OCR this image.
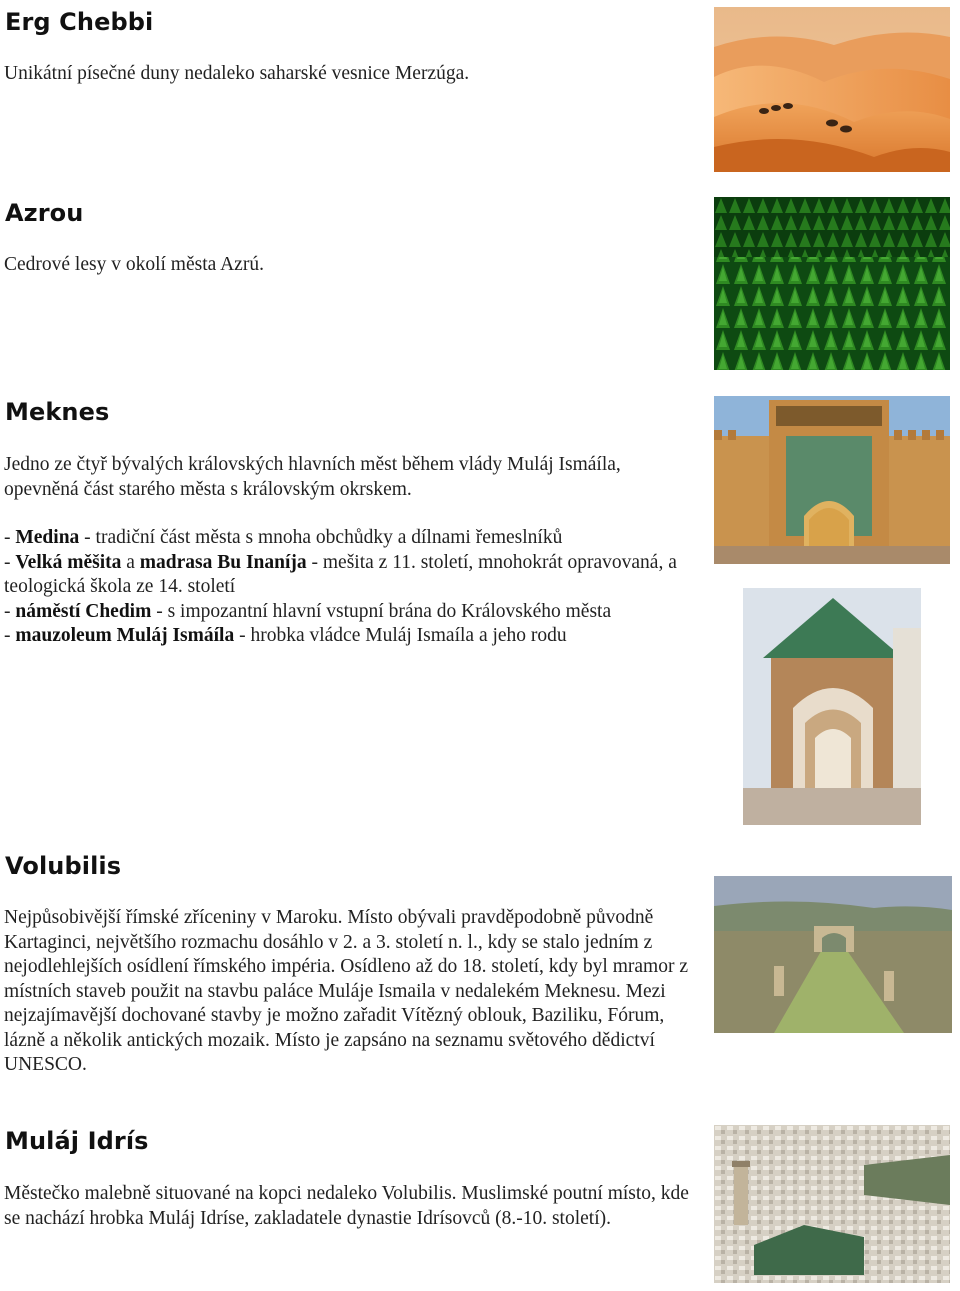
Erg Chebbi

Unikátní písečné duny nedaleko saharské vesnice Merzúga.

Azrou

Cedrové lesy v okolí města Azrú.

Meknes

Jedno ze čtyř bývalých královských hlavních měst během vlády Muláj Ismáíla, opevněná část starého města s královským okrskem.

- Medina - tradiční část města s mnoha obchůdky a dílnami řemeslníků
- Velká měšita a madrasa Bu Inaníja - mešita z 11. století, mnohokrát opravovaná, a teologická škola ze 14. století
- náměstí Chedim - s impozantní hlavní vstupní brána do Královského města
- mauzoleum Muláj Ismáíla - hrobka vládce Muláj Ismaíla a jeho rodu

Volubilis

Nejpůsobivější římské zříceniny v Maroku. Místo obývali pravděpodobně původně Kartaginci, největšího rozmachu dosáhlo v 2. a 3. století n. l., kdy se stalo jedním z nejodlehlejších osídlení římského impéria. Osídleno až do 18. století, kdy byl mramor z místních staveb použit na stavbu paláce Muláje Ismaila v nedalekém Meknesu. Mezi nejzajímavější dochované stavby je možno zařadit Vítězný oblouk, Baziliku, Fórum, lázně a několik antických mozaik. Místo je zapsáno na seznamu světového dědictví UNESCO.

Muláj Idrís

Městečko malebně situované na kopci nedaleko Volubilis. Muslimské poutní místo, kde se nachází hrobka Muláj Idríse, zakladatele dynastie Idrísovců (8.-10. století).
